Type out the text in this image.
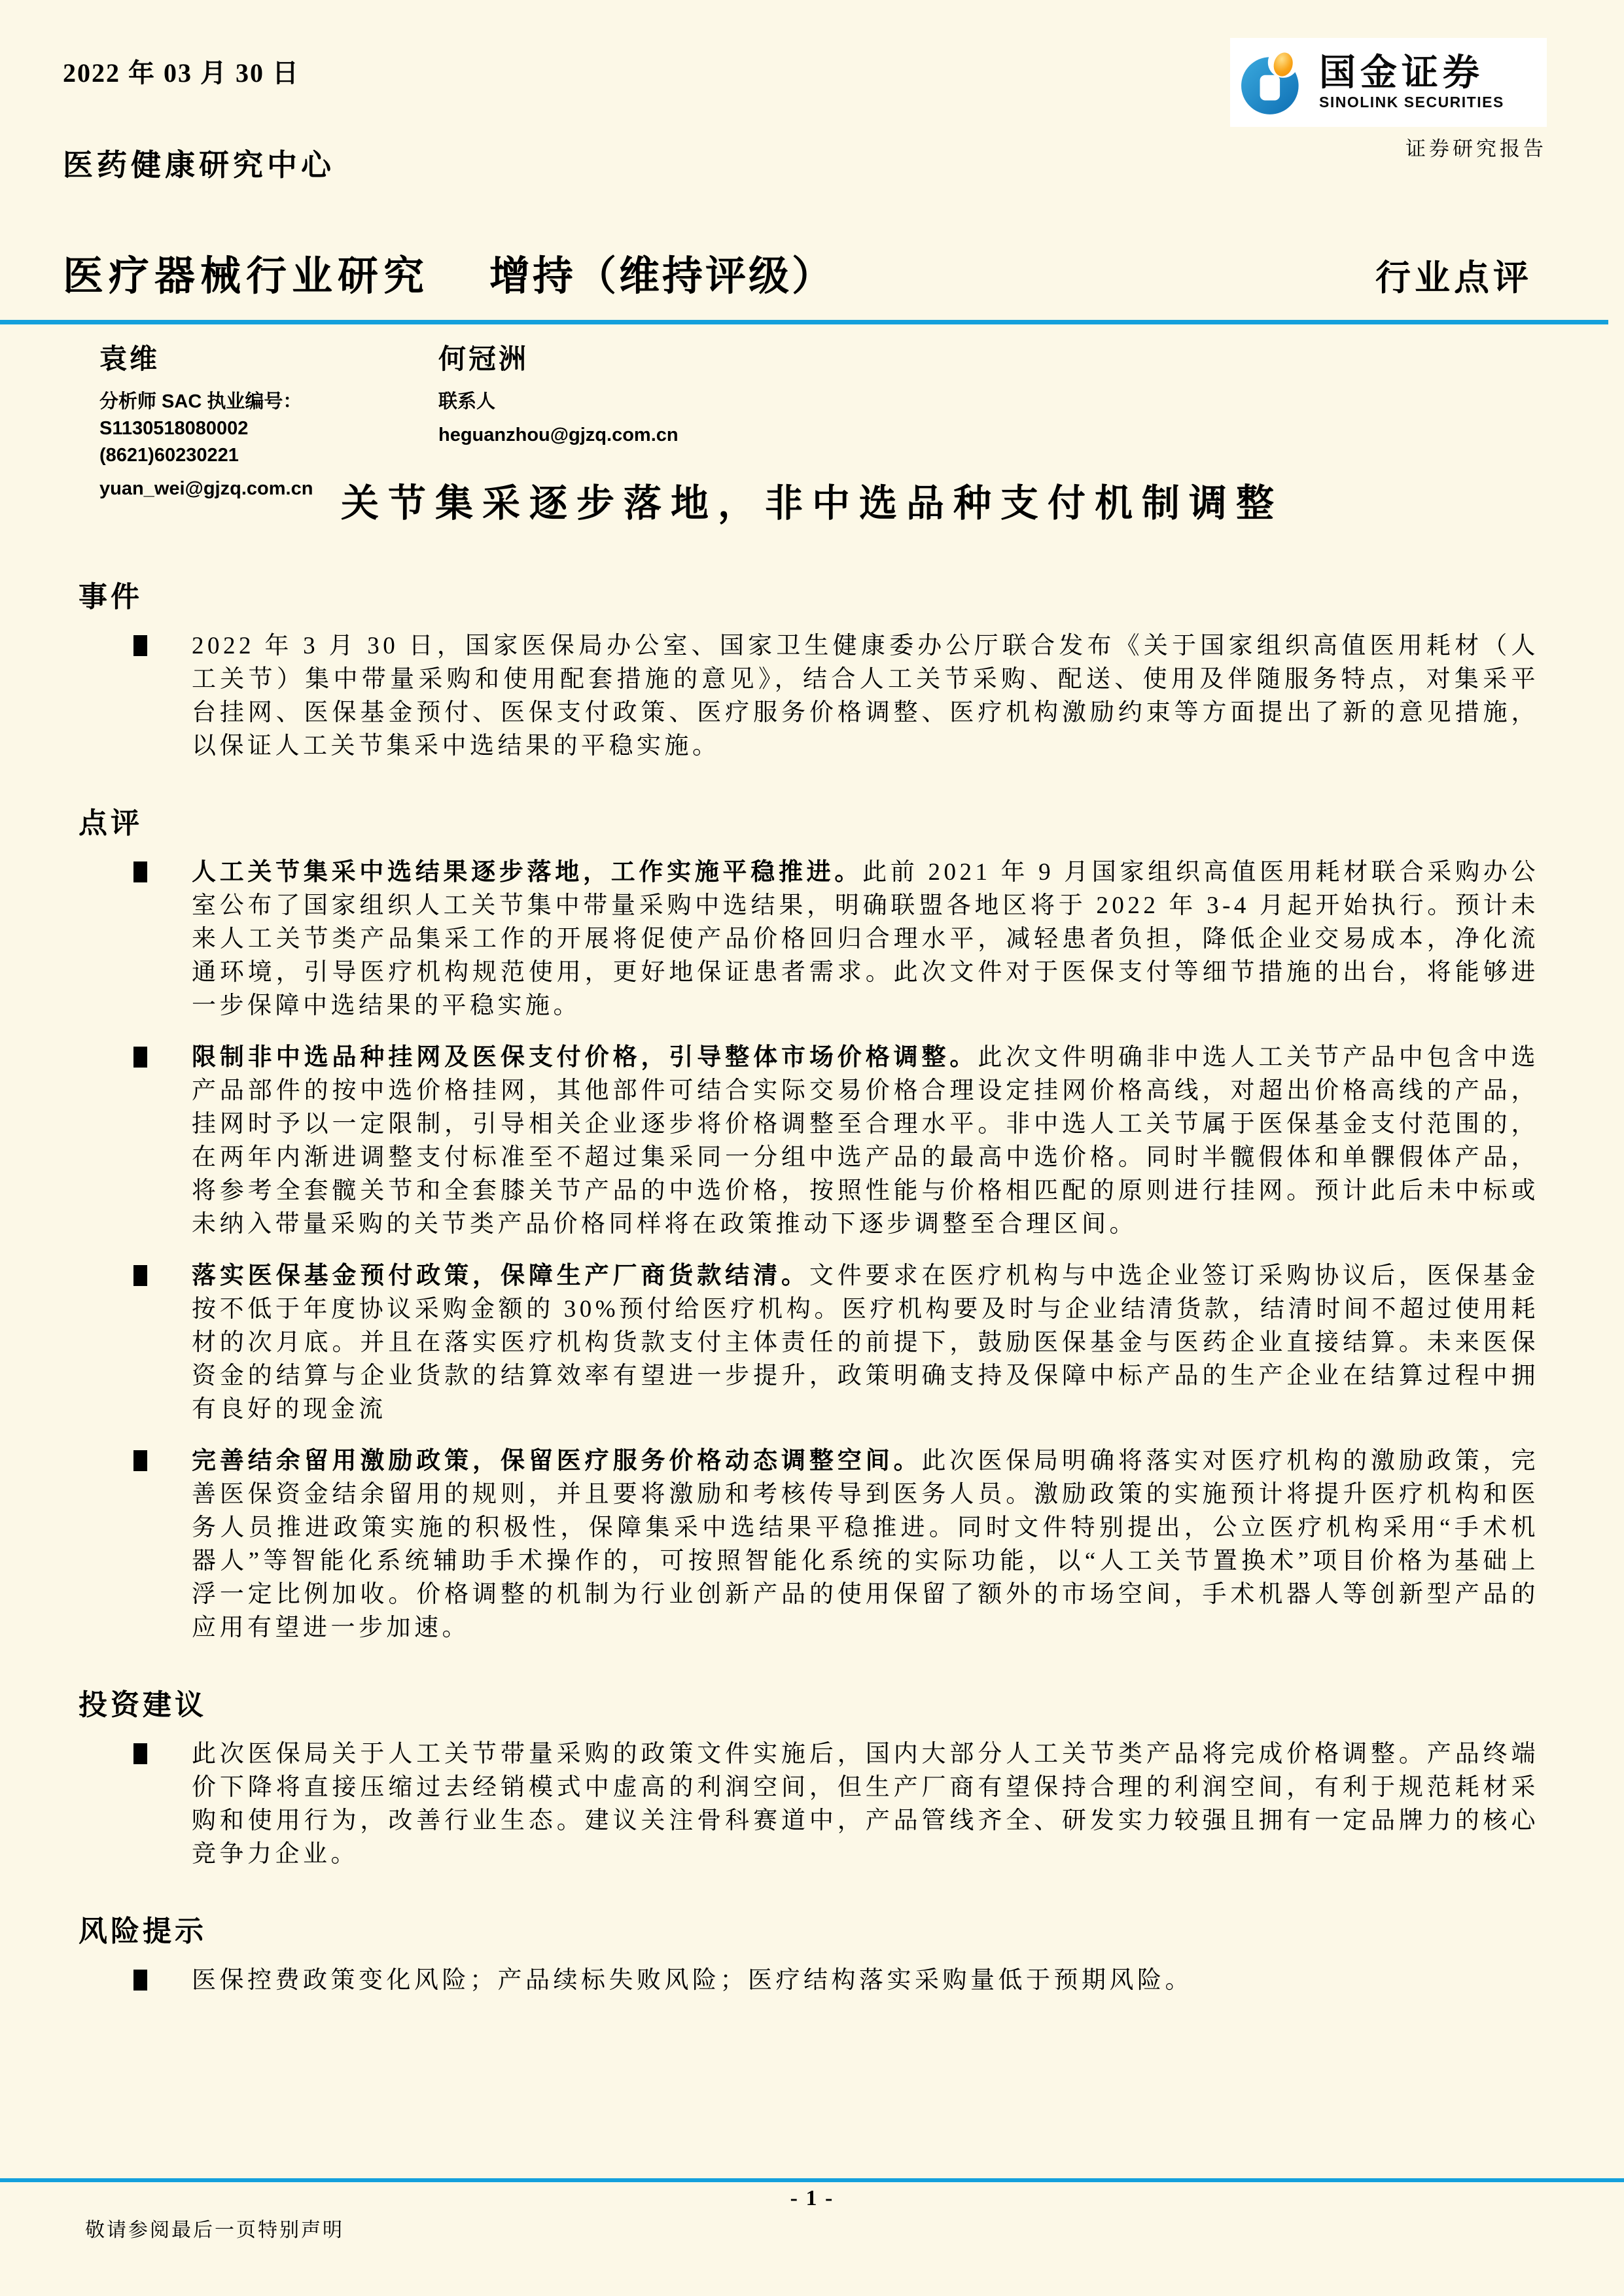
2022 年 03 月 30 日	国金证券
SINOLINK SECURITIES
证券研究报告
医药健康研究中心
医疗器械行业研究 增持（维持评级）	行业点评
袁维
分析师 SAC 执业编号：S1130518080002
(8621)60230221
yuan_wei@gjzq.com.cn
何冠洲
联系人
heguanzhou@gjzq.com.cn
关节集采逐步落地，非中选品种支付机制调整
事件
2022 年 3 月 30 日，国家医保局办公室、国家卫生健康委办公厅联合发布《关于国家组织高值医用耗材（人工关节）集中带量采购和使用配套措施的意见》，结合人工关节采购、配送、使用及伴随服务特点，对集采平台挂网、医保基金预付、医保支付政策、医疗服务价格调整、医疗机构激励约束等方面提出了新的意见措施，以保证人工关节集采中选结果的平稳实施。
点评
人工关节集采中选结果逐步落地，工作实施平稳推进。此前 2021 年 9 月国家组织高值医用耗材联合采购办公室公布了国家组织人工关节集中带量采购中选结果，明确联盟各地区将于 2022 年 3-4 月起开始执行。预计未来人工关节类产品集采工作的开展将促使产品价格回归合理水平，减轻患者负担，降低企业交易成本，净化流通环境，引导医疗机构规范使用，更好地保证患者需求。此次文件对于医保支付等细节措施的出台，将能够进一步保障中选结果的平稳实施。
限制非中选品种挂网及医保支付价格，引导整体市场价格调整。此次文件明确非中选人工关节产品中包含中选产品部件的按中选价格挂网，其他部件可结合实际交易价格合理设定挂网价格高线，对超出价格高线的产品，挂网时予以一定限制，引导相关企业逐步将价格调整至合理水平。非中选人工关节属于医保基金支付范围的，在两年内渐进调整支付标准至不超过集采同一分组中选产品的最高中选价格。同时半髋假体和单髁假体产品，将参考全套髋关节和全套膝关节产品的中选价格，按照性能与价格相匹配的原则进行挂网。预计此后未中标或未纳入带量采购的关节类产品价格同样将在政策推动下逐步调整至合理区间。
落实医保基金预付政策，保障生产厂商货款结清。文件要求在医疗机构与中选企业签订采购协议后，医保基金按不低于年度协议采购金额的 30%预付给医疗机构。医疗机构要及时与企业结清货款，结清时间不超过使用耗材的次月底。并且在落实医疗机构货款支付主体责任的前提下，鼓励医保基金与医药企业直接结算。未来医保资金的结算与企业货款的结算效率有望进一步提升，政策明确支持及保障中标产品的生产企业在结算过程中拥有良好的现金流
完善结余留用激励政策，保留医疗服务价格动态调整空间。此次医保局明确将落实对医疗机构的激励政策，完善医保资金结余留用的规则，并且要将激励和考核传导到医务人员。激励政策的实施预计将提升医疗机构和医务人员推进政策实施的积极性，保障集采中选结果平稳推进。同时文件特别提出，公立医疗机构采用“手术机器人”等智能化系统辅助手术操作的，可按照智能化系统的实际功能，以“人工关节置换术”项目价格为基础上浮一定比例加收。价格调整的机制为行业创新产品的使用保留了额外的市场空间，手术机器人等创新型产品的应用有望进一步加速。
投资建议
此次医保局关于人工关节带量采购的政策文件实施后，国内大部分人工关节类产品将完成价格调整。产品终端价下降将直接压缩过去经销模式中虚高的利润空间，但生产厂商有望保持合理的利润空间，有利于规范耗材采购和使用行为，改善行业生态。建议关注骨科赛道中，产品管线齐全、研发实力较强且拥有一定品牌力的核心竞争力企业。
风险提示
医保控费政策变化风险；产品续标失败风险；医疗结构落实采购量低于预期风险。
- 1 -
敬请参阅最后一页特别声明
